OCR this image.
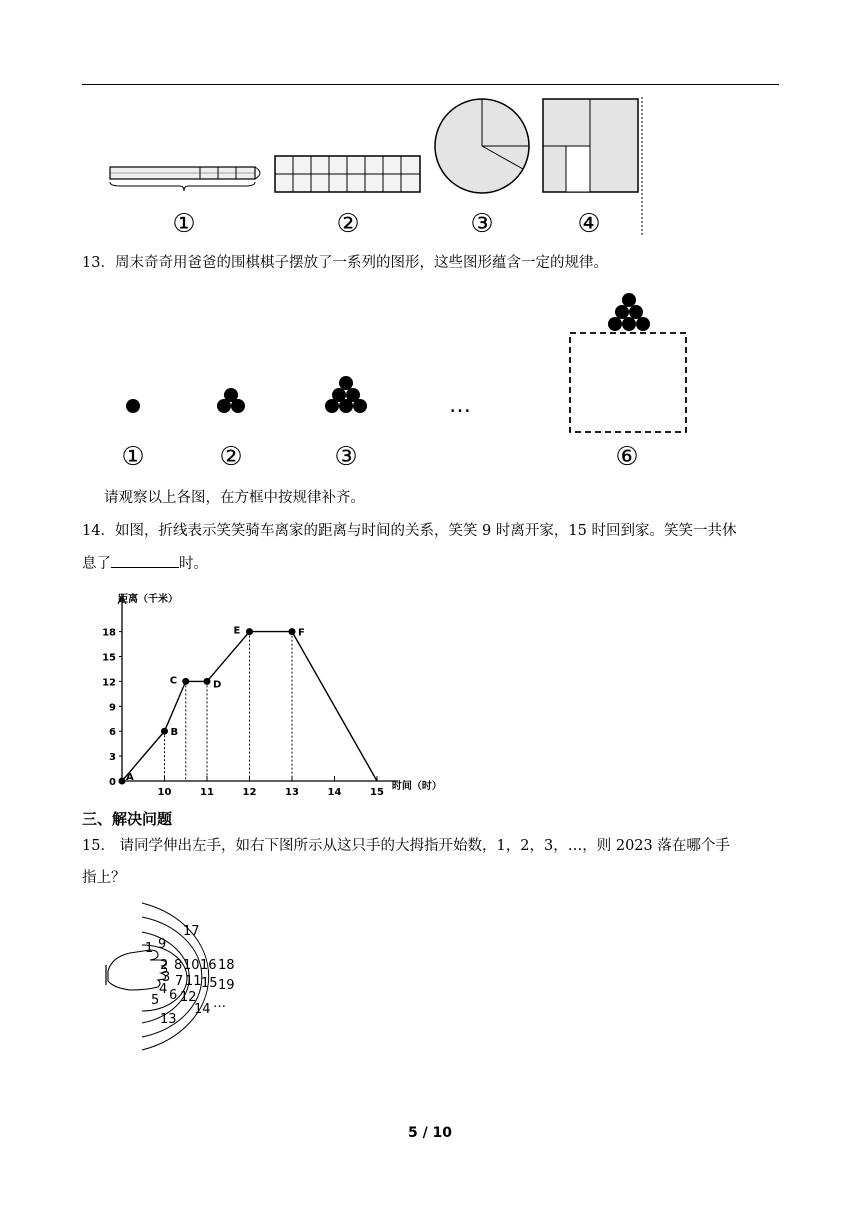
①	②	③	④
13．周末奇奇用爸爸的围棋棋子摆放了一系列的图形，这些图形蕴含一定的规律。
…
①	②	③	⑥
请观察以上各图，在方框中按规律补齐。
14．如图，折线表示笑笑骑车离家的距离与时间的关系，笑笑 9 时离开家，15 时回到家。笑笑一共休
息了	时。
距离（千米）
时间（时）
0
3
6
9
12
15
18
10	11	12	13	14	15
A
B
C	D
E	F
三、解决问题
15． 请同学伸出左手，如右下图所示从这只手的大拇指开始数，1，2，3，…，则 2023 落在哪个手
指上？
1
2
3
4
5 6
7
8
9
10
11
12
13
14
15
16
17
18
19
…
5 / 10
